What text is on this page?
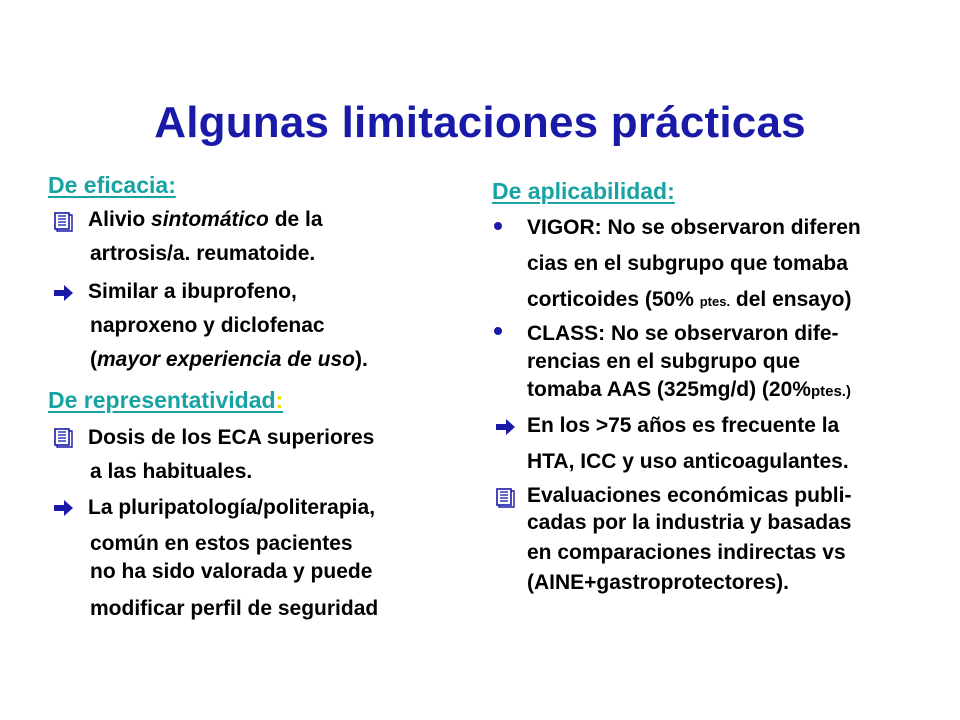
Algunas limitaciones prácticas
De eficacia:
Alivio sintomático de la
artrosis/a. reumatoide.
Similar a ibuprofeno,
naproxeno y diclofenac
(mayor experiencia de uso).
De representatividad:
Dosis de los ECA superiores
a las habituales.
La pluripatología/politerapia,
común en estos pacientes
no ha sido valorada y puede
modificar perfil de seguridad
De aplicabilidad:
VIGOR: No se observaron diferen
cias en el subgrupo que tomaba
corticoides (50% ptes. del ensayo)
CLASS: No se observaron dife-
rencias en el subgrupo que
tomaba AAS (325mg/d) (20%ptes.)
En los >75 años es frecuente la
HTA, ICC y uso anticoagulantes.
Evaluaciones económicas publi-
cadas por la industria y basadas
en comparaciones indirectas vs
(AINE+gastroprotectores).
